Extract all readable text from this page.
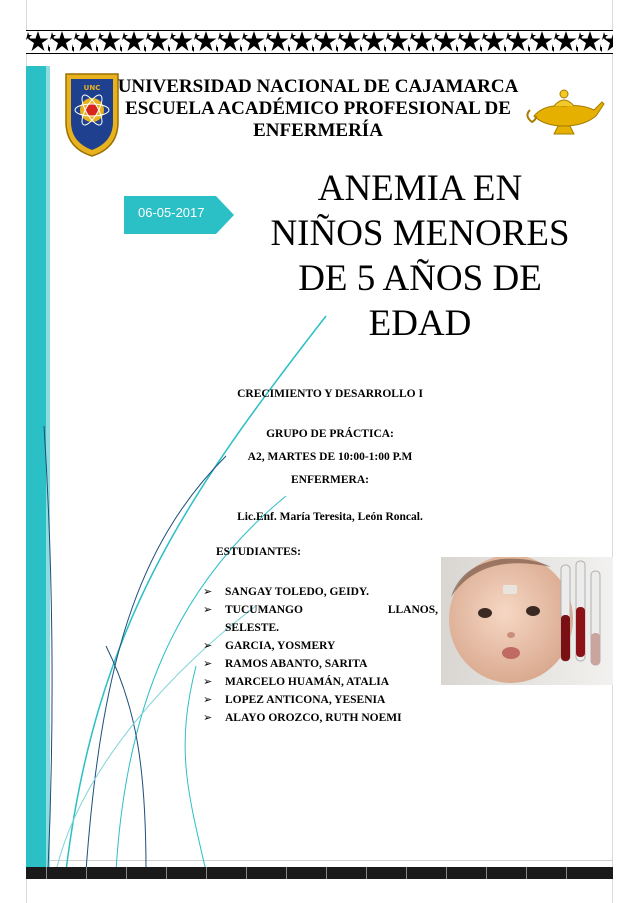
UNC UNIVERSIDAD NACIONAL DE CAJAMARCA
ESCUELA ACADÉMICO PROFESIONAL DE
ENFERMERÍA
06-05-2017
ANEMIA EN
NIÑOS MENORES
DE 5 AÑOS DE
EDAD
CRECIMIENTO Y DESARROLLO I
GRUPO DE PRÁCTICA:
A2, MARTES DE 10:00-1:00 P.M
ENFERMERA:
Lic.Enf. María Teresita, León Roncal.
ESTUDIANTES:
➢ SANGAY TOLEDO, GEIDY.
➢ TUCUMANGO	LLANOS,
SELESTE.
➢ GARCIA, YOSMERY
➢ RAMOS ABANTO, SARITA
➢ MARCELO HUAMÁN, ATALIA
➢ LOPEZ ANTICONA, YESENIA
➢ ALAYO OROZCO, RUTH NOEMI
